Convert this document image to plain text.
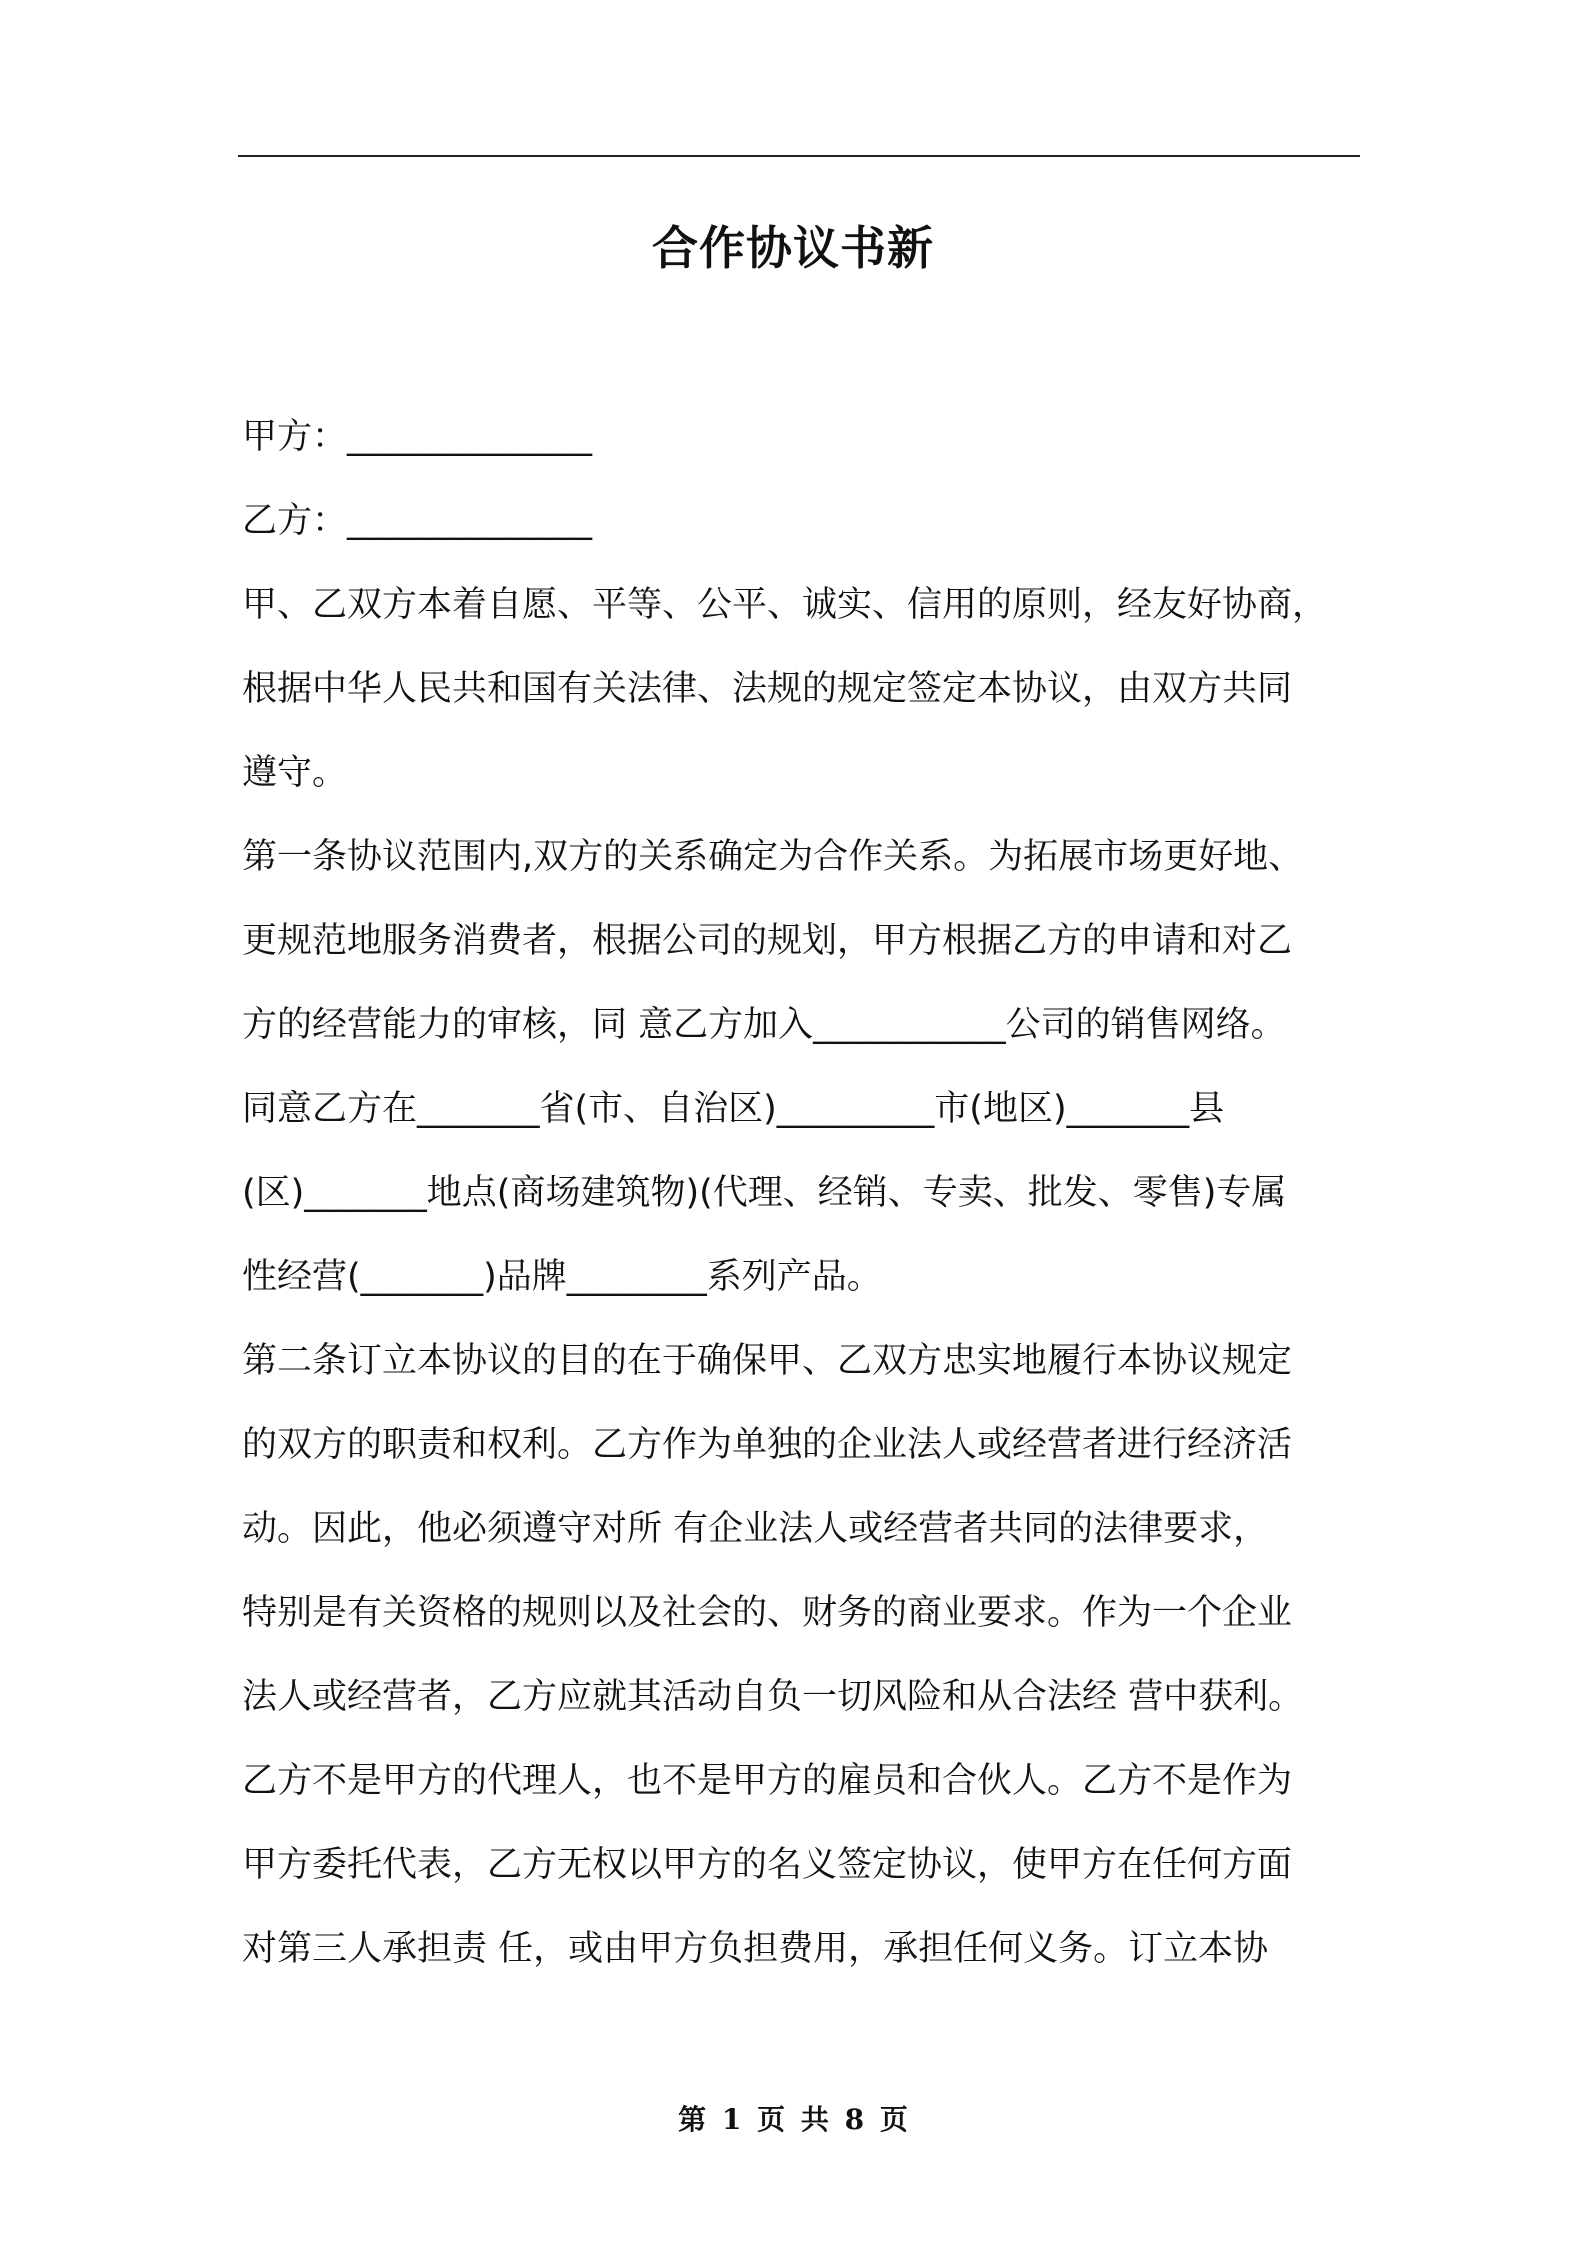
合作协议书新
甲方：______________
乙方：______________
甲、乙双方本着自愿、平等、公平、诚实、信用的原则，经友好协商，
根据中华人民共和国有关法律、法规的规定签定本协议，由双方共同
遵守。
第一条协议范围内,双方的关系确定为合作关系。为拓展市场更好地、
更规范地服务消费者，根据公司的规划，甲方根据乙方的申请和对乙
方的经营能力的审核，同 意乙方加入___________公司的销售网络。
同意乙方在_______省(市、自治区)_________市(地区)_______县
(区)_______地点(商场建筑物)(代理、经销、专卖、批发、零售)专属
性经营(_______)品牌________系列产品。
第二条订立本协议的目的在于确保甲、乙双方忠实地履行本协议规定
的双方的职责和权利。乙方作为单独的企业法人或经营者进行经济活
动。因此，他必须遵守对所 有企业法人或经营者共同的法律要求，
特别是有关资格的规则以及社会的、财务的商业要求。作为一个企业
法人或经营者，乙方应就其活动自负一切风险和从合法经 营中获利。
乙方不是甲方的代理人，也不是甲方的雇员和合伙人。乙方不是作为
甲方委托代表，乙方无权以甲方的名义签定协议，使甲方在任何方面
对第三人承担责 任，或由甲方负担费用，承担任何义务。订立本协
第 1 页 共 8 页
